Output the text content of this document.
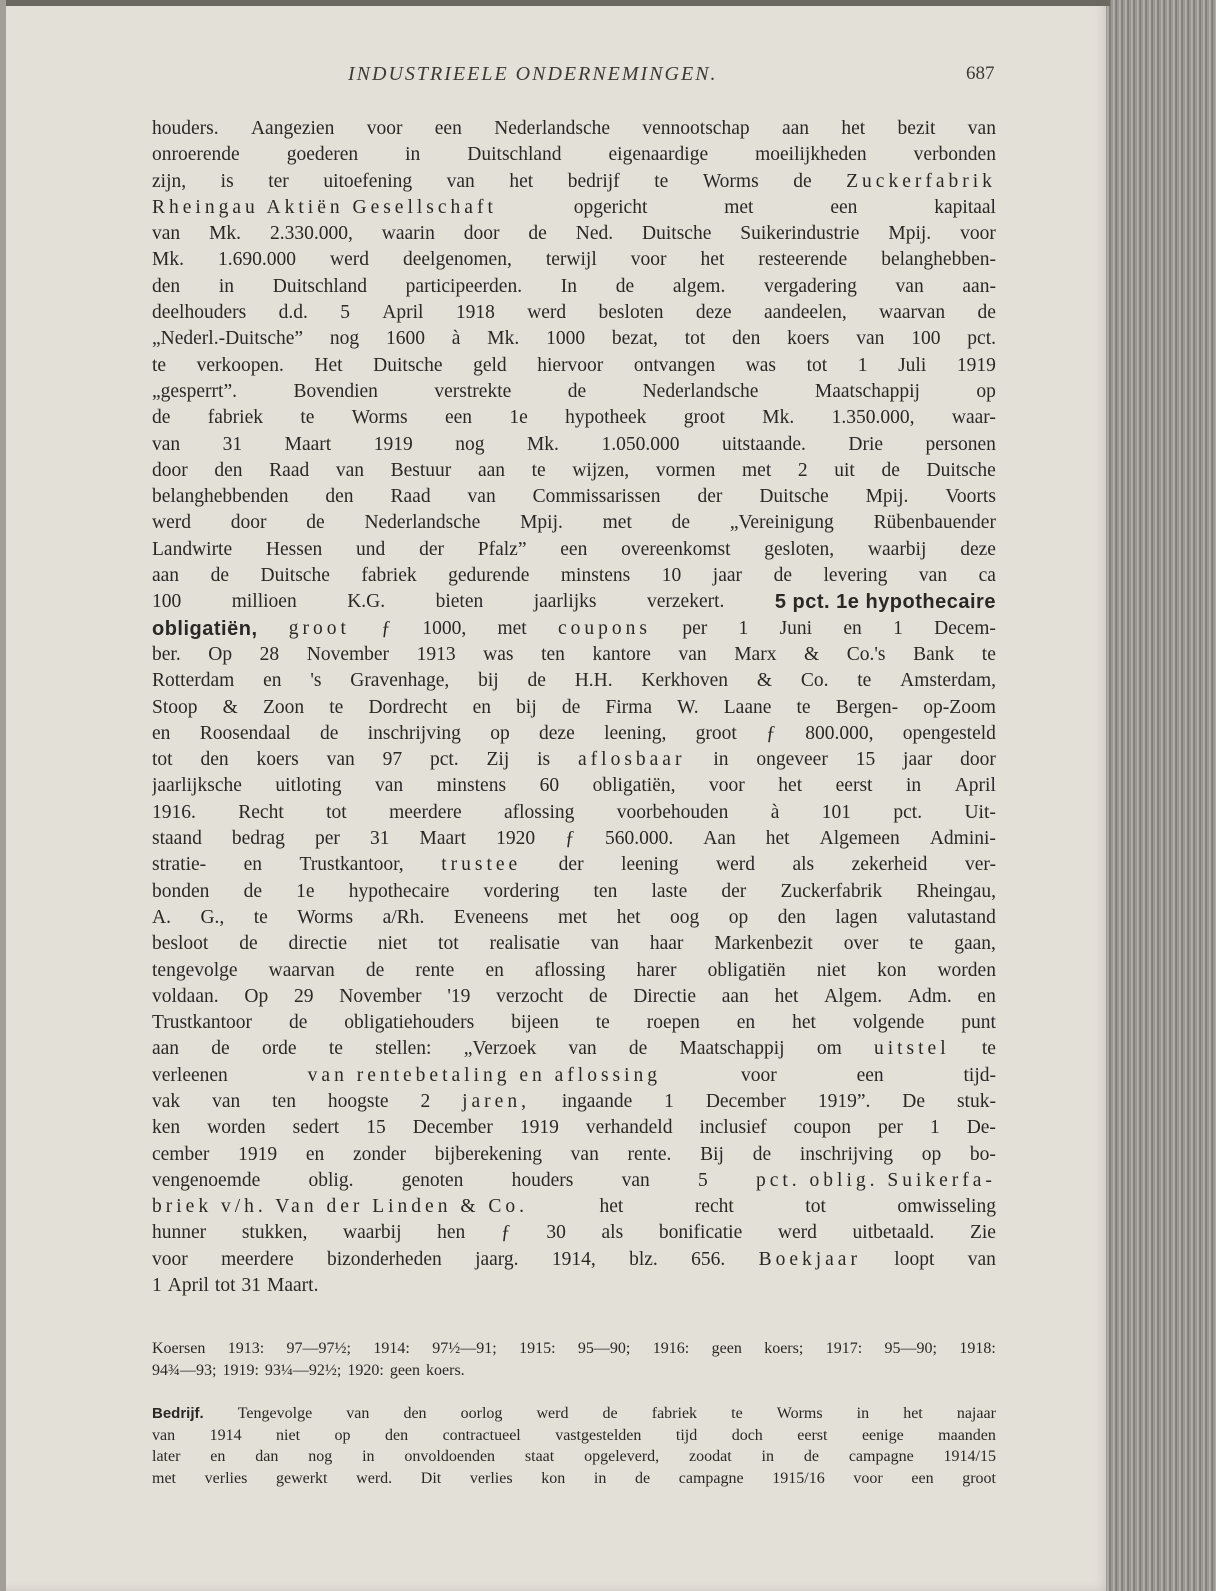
INDUSTRIEELE ONDERNEMINGEN.	687
houders. Aangezien voor een Nederlandsche vennootschap aan het bezit van
onroerende goederen in Duitschland eigenaardige moeilijkheden verbonden
zijn, is ter uitoefening van het bedrijf te Worms de Zuckerfabrik
Rheingau Aktiën Gesellschaft	opgericht	met	een	kapitaal
van Mk. 2.330.000, waarin door de Ned. Duitsche Suikerindustrie Mpij. voor
Mk. 1.690.000 werd deelgenomen, terwijl voor het resteerende belanghebben-
den in Duitschland participeerden. In de algem. vergadering van aan-
deelhouders d.d. 5 April 1918 werd besloten deze aandeelen, waarvan de
„Nederl.-Duitsche” nog 1600 à Mk. 1000 bezat, tot den koers van 100 pct.
te verkoopen. Het Duitsche geld hiervoor ontvangen was tot 1 Juli 1919
„gesperrt”.	Bovendien	verstrekte	de	Nederlandsche	Maatschappij	op
de fabriek te Worms een 1e hypotheek groot Mk. 1.350.000, waar-
van 31 Maart 1919 nog Mk. 1.050.000 uitstaande. Drie personen
door den Raad van Bestuur aan te wijzen, vormen met 2 uit de Duitsche
belanghebbenden den Raad van Commissarissen der Duitsche Mpij. Voorts
werd door de Nederlandsche Mpij. met de „Vereinigung Rübenbauender
Landwirte Hessen und der Pfalz” een overeenkomst gesloten, waarbij deze
aan de Duitsche fabriek gedurende minstens 10 jaar de levering van ca
100	millioen	K.G.	bieten	jaarlijks	verzekert.	5 pct. 1e hypothecaire
obligatiën, groot ƒ 1000, met coupons per 1 Juni en 1 Decem-
ber. Op 28 November 1913 was ten kantore van Marx & Co.'s Bank te
Rotterdam en 's Gravenhage, bij de H.H. Kerkhoven & Co. te Amsterdam,
Stoop & Zoon te Dordrecht en bij de Firma W. Laane te Bergen- op-Zoom
en Roosendaal de inschrijving op deze leening, groot ƒ 800.000, opengesteld
tot den koers van 97 pct. Zij is aflosbaar in ongeveer 15 jaar door
jaarlijksche uitloting van minstens 60 obligatiën, voor het eerst in April
1916. Recht tot meerdere aflossing voorbehouden à 101 pct. Uit-
staand bedrag per 31 Maart 1920 ƒ 560.000. Aan het Algemeen Admini-
stratie- en Trustkantoor, trustee der leening werd als zekerheid ver-
bonden de 1e hypothecaire vordering ten laste der Zuckerfabrik Rheingau,
A. G., te Worms a/Rh. Eveneens met het oog op den lagen valutastand
besloot de directie niet tot realisatie van haar Markenbezit over te gaan,
tengevolge waarvan de rente en aflossing harer obligatiën niet kon worden
voldaan. Op 29 November '19 verzocht de Directie aan het Algem. Adm. en
Trustkantoor de obligatiehouders bijeen te roepen en het volgende punt
aan de orde te stellen: „Verzoek van de Maatschappij om uitstel te
verleenen	van rentebetaling en aflossing	voor	een	tijd-
vak van ten hoogste 2 jaren, ingaande 1 December 1919”. De stuk-
ken worden sedert 15 December 1919 verhandeld inclusief coupon per 1 De-
cember 1919 en zonder bijberekening van rente. Bij de inschrijving op bo-
vengenoemde oblig. genoten houders van 5 pct. oblig. Suikerfa-
briek v/h. Van der Linden & Co.	het	recht	tot	omwisseling
hunner stukken, waarbij hen ƒ 30 als bonificatie werd uitbetaald. Zie
voor meerdere bizonderheden jaarg. 1914, blz. 656. Boekjaar loopt van
1 April tot 31 Maart.
Koersen 1913: 97—97½; 1914: 97½—91; 1915: 95—90; 1916: geen koers; 1917: 95—90; 1918:
94¾—93; 1919: 93¼—92½; 1920: geen koers.
Bedrijf. Tengevolge van den oorlog werd de fabriek te Worms in het najaar
van 1914 niet op den contractueel vastgestelden tijd doch eerst eenige maanden
later en dan nog in onvoldoenden staat opgeleverd, zoodat in de campagne 1914/15
met verlies gewerkt werd. Dit verlies kon in de campagne 1915/16 voor een groot
